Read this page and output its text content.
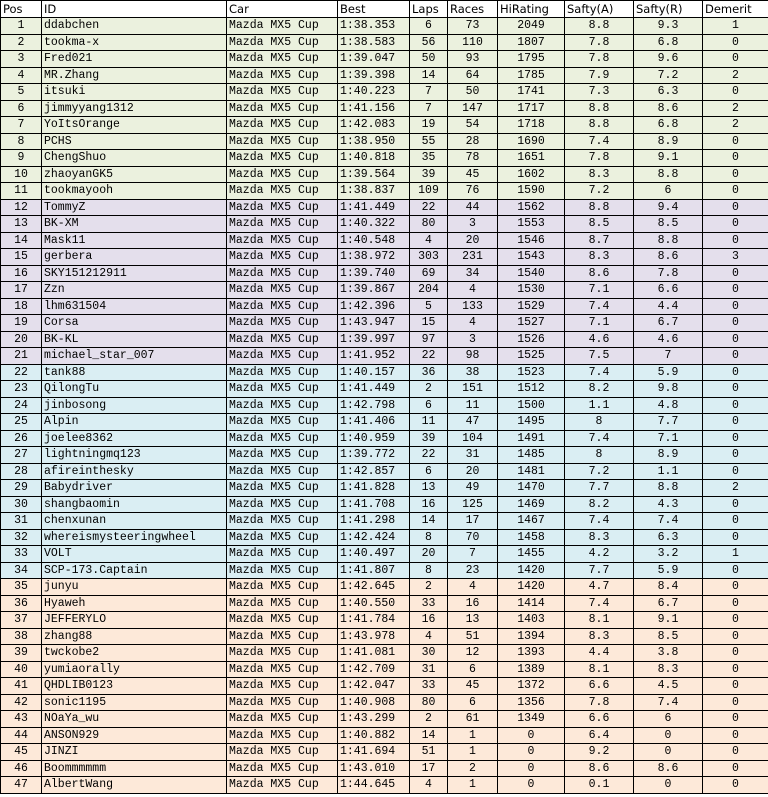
Pos	ID	Car	Best	Laps	Races	HiRating	Safty(A)	Safty(R)	Demerit
1	ddabchen	Mazda MX5 Cup	1:38.353	6	73	2049	8.8	9.3	1
2	tookma-x	Mazda MX5 Cup	1:38.583	56	110	1807	7.8	6.8	0
3	Fred021	Mazda MX5 Cup	1:39.047	50	93	1795	7.8	9.6	0
4	MR.Zhang	Mazda MX5 Cup	1:39.398	14	64	1785	7.9	7.2	2
5	itsuki	Mazda MX5 Cup	1:40.223	7	50	1741	7.3	6.3	0
6	jimmyyang1312	Mazda MX5 Cup	1:41.156	7	147	1717	8.8	8.6	2
7	YoItsOrange	Mazda MX5 Cup	1:42.083	19	54	1718	8.8	6.8	2
8	PCHS	Mazda MX5 Cup	1:38.950	55	28	1690	7.4	8.9	0
9	ChengShuo	Mazda MX5 Cup	1:40.818	35	78	1651	7.8	9.1	0
10	zhaoyanGK5	Mazda MX5 Cup	1:39.564	39	45	1602	8.3	8.8	0
11	tookmayooh	Mazda MX5 Cup	1:38.837	109	76	1590	7.2	6	0
12	TommyZ	Mazda MX5 Cup	1:41.449	22	44	1562	8.8	9.4	0
13	BK-XM	Mazda MX5 Cup	1:40.322	80	3	1553	8.5	8.5	0
14	Mask11	Mazda MX5 Cup	1:40.548	4	20	1546	8.7	8.8	0
15	gerbera	Mazda MX5 Cup	1:38.972	303	231	1543	8.3	8.6	3
16	SKY151212911	Mazda MX5 Cup	1:39.740	69	34	1540	8.6	7.8	0
17	Zzn	Mazda MX5 Cup	1:39.867	204	4	1530	7.1	6.6	0
18	lhm631504	Mazda MX5 Cup	1:42.396	5	133	1529	7.4	4.4	0
19	Corsa	Mazda MX5 Cup	1:43.947	15	4	1527	7.1	6.7	0
20	BK-KL	Mazda MX5 Cup	1:39.997	97	3	1526	4.6	4.6	0
21	michael_star_007	Mazda MX5 Cup	1:41.952	22	98	1525	7.5	7	0
22	tank88	Mazda MX5 Cup	1:40.157	36	38	1523	7.4	5.9	0
23	QilongTu	Mazda MX5 Cup	1:41.449	2	151	1512	8.2	9.8	0
24	jinbosong	Mazda MX5 Cup	1:42.798	6	11	1500	1.1	4.8	0
25	Alpin	Mazda MX5 Cup	1:41.406	11	47	1495	8	7.7	0
26	joelee8362	Mazda MX5 Cup	1:40.959	39	104	1491	7.4	7.1	0
27	lightningmq123	Mazda MX5 Cup	1:39.772	22	31	1485	8	8.9	0
28	afireinthesky	Mazda MX5 Cup	1:42.857	6	20	1481	7.2	1.1	0
29	Babydriver	Mazda MX5 Cup	1:41.828	13	49	1470	7.7	8.8	2
30	shangbaomin	Mazda MX5 Cup	1:41.708	16	125	1469	8.2	4.3	0
31	chenxunan	Mazda MX5 Cup	1:41.298	14	17	1467	7.4	7.4	0
32	whereismysteeringwheel	Mazda MX5 Cup	1:42.424	8	70	1458	8.3	6.3	0
33	VOLT	Mazda MX5 Cup	1:40.497	20	7	1455	4.2	3.2	1
34	SCP-173.Captain	Mazda MX5 Cup	1:41.807	8	23	1420	7.7	5.9	0
35	junyu	Mazda MX5 Cup	1:42.645	2	4	1420	4.7	8.4	0
36	Hyaweh	Mazda MX5 Cup	1:40.550	33	16	1414	7.4	6.7	0
37	JEFFERYLO	Mazda MX5 Cup	1:41.784	16	13	1403	8.1	9.1	0
38	zhang88	Mazda MX5 Cup	1:43.978	4	51	1394	8.3	8.5	0
39	twckobe2	Mazda MX5 Cup	1:41.081	30	12	1393	4.4	3.8	0
40	yumiaorally	Mazda MX5 Cup	1:42.709	31	6	1389	8.1	8.3	0
41	QHDLIB0123	Mazda MX5 Cup	1:42.047	33	45	1372	6.6	4.5	0
42	sonic1195	Mazda MX5 Cup	1:40.908	80	6	1356	7.8	7.4	0
43	NOaYa_wu	Mazda MX5 Cup	1:43.299	2	61	1349	6.6	6	0
44	ANSON929	Mazda MX5 Cup	1:40.882	14	1	0	6.4	0	0
45	JINZI	Mazda MX5 Cup	1:41.694	51	1	0	9.2	0	0
46	Boommmmmm	Mazda MX5 Cup	1:43.010	17	2	0	8.6	8.6	0
47	AlbertWang	Mazda MX5 Cup	1:44.645	4	1	0	0.1	0	0
